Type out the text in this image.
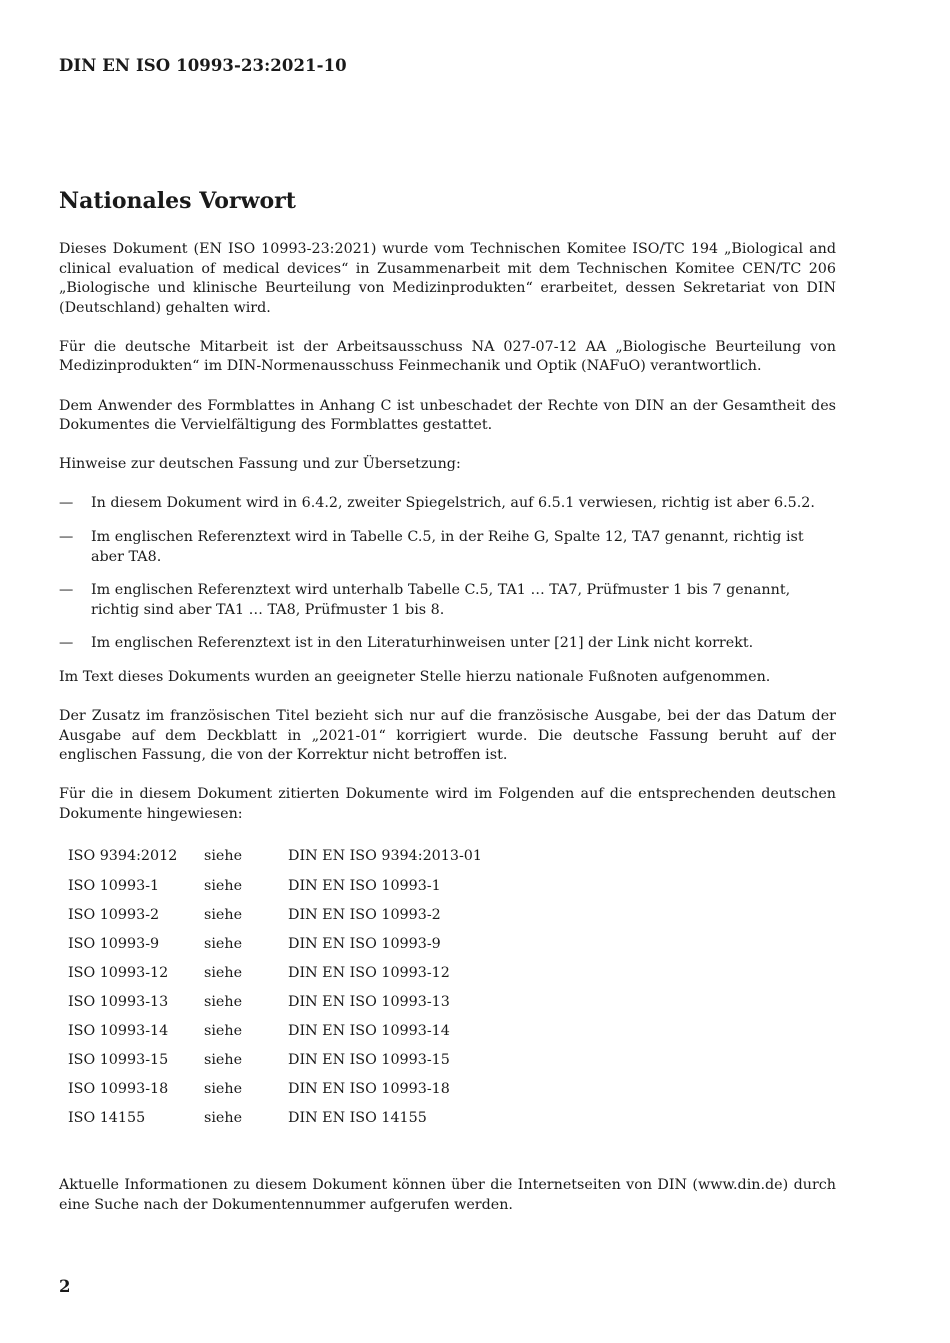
DIN EN ISO 10993-23:2021-10
Nationales Vorwort

Dieses Dokument (EN ISO 10993-23:2021) wurde vom Technischen Komitee ISO/TC 194 „Biological and clinical evaluation of medical devices“ in Zusammenarbeit mit dem Technischen Komitee CEN/TC 206 „Biologische und klinische Beurteilung von Medizinprodukten“ erarbeitet, dessen Sekretariat von DIN (Deutschland) gehalten wird.

Für die deutsche Mitarbeit ist der Arbeitsausschuss NA 027-07-12 AA „Biologische Beurteilung von Medizinprodukten“ im DIN-Normenausschuss Feinmechanik und Optik (NAFuO) verantwortlich.

Dem Anwender des Formblattes in Anhang C ist unbeschadet der Rechte von DIN an der Gesamtheit des Dokumentes die Vervielfältigung des Formblattes gestattet.

Hinweise zur deutschen Fassung und zur Übersetzung:

— In diesem Dokument wird in 6.4.2, zweiter Spiegelstrich, auf 6.5.1 verwiesen, richtig ist aber 6.5.2.
— Im englischen Referenztext wird in Tabelle C.5, in der Reihe G, Spalte 12, TA7 genannt, richtig ist aber TA8.
— Im englischen Referenztext wird unterhalb Tabelle C.5, TA1 … TA7, Prüfmuster 1 bis 7 genannt, richtig sind aber TA1 … TA8, Prüfmuster 1 bis 8.
— Im englischen Referenztext ist in den Literaturhinweisen unter [21] der Link nicht korrekt.

Im Text dieses Dokuments wurden an geeigneter Stelle hierzu nationale Fußnoten aufgenommen.

Der Zusatz im französischen Titel bezieht sich nur auf die französische Ausgabe, bei der das Datum der Ausgabe auf dem Deckblatt in „2021-01“ korrigiert wurde. Die deutsche Fassung beruht auf der englischen Fassung, die von der Korrektur nicht betroffen ist.

Für die in diesem Dokument zitierten Dokumente wird im Folgenden auf die entsprechenden deutschen Dokumente hingewiesen:

ISO 9394:2012	siehe	DIN EN ISO 9394:2013-01
ISO 10993-1	siehe	DIN EN ISO 10993-1
ISO 10993-2	siehe	DIN EN ISO 10993-2
ISO 10993-9	siehe	DIN EN ISO 10993-9
ISO 10993-12	siehe	DIN EN ISO 10993-12
ISO 10993-13	siehe	DIN EN ISO 10993-13
ISO 10993-14	siehe	DIN EN ISO 10993-14
ISO 10993-15	siehe	DIN EN ISO 10993-15
ISO 10993-18	siehe	DIN EN ISO 10993-18
ISO 14155	siehe	DIN EN ISO 14155

Aktuelle Informationen zu diesem Dokument können über die Internetseiten von DIN (www.din.de) durch eine Suche nach der Dokumentennummer aufgerufen werden.

2
